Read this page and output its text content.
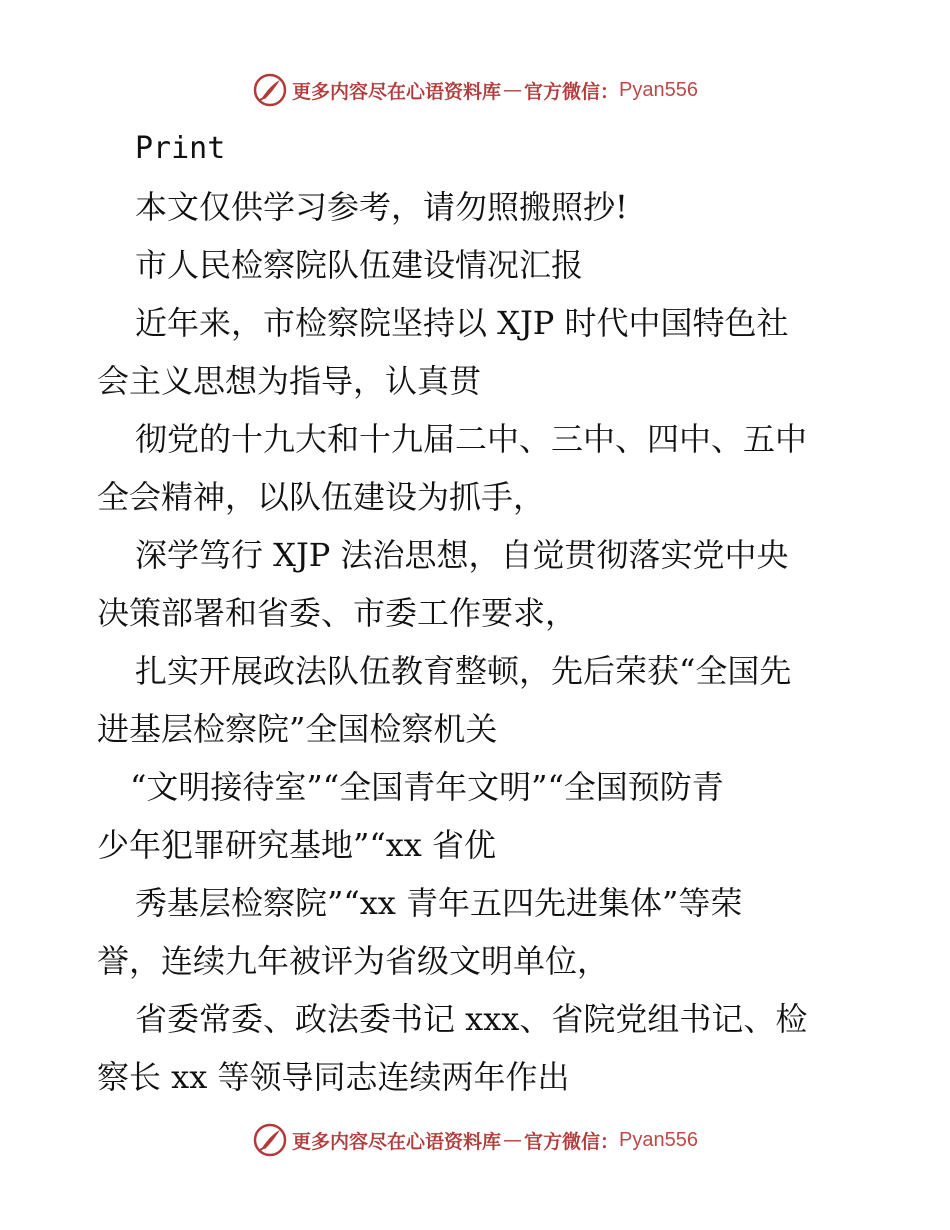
更多内容尽在心语资料库 — 官方微信： Pyan556
Print
本文仅供学习参考，请勿照搬照抄!
市人民检察院队伍建设情况汇报
近年来，市检察院坚持以 XJP 时代中国特色社
会主义思想为指导，认真贯
彻党的十九大和十九届二中、三中、四中、五中
全会精神，以队伍建设为抓手，
深学笃行 XJP 法治思想，自觉贯彻落实党中央
决策部署和省委、市委工作要求，
扎实开展政法队伍教育整顿，先后荣获“全国先
进基层检察院”全国检察机关
“文明接待室”“全国青年文明”“全国预防青
少年犯罪研究基地”“xx 省优
秀基层检察院”“xx 青年五四先进集体”等荣
誉，连续九年被评为省级文明单位，
省委常委、政法委书记 xxx、省院党组书记、检
察长 xx 等领导同志连续两年作出
更多内容尽在心语资料库 — 官方微信： Pyan556
